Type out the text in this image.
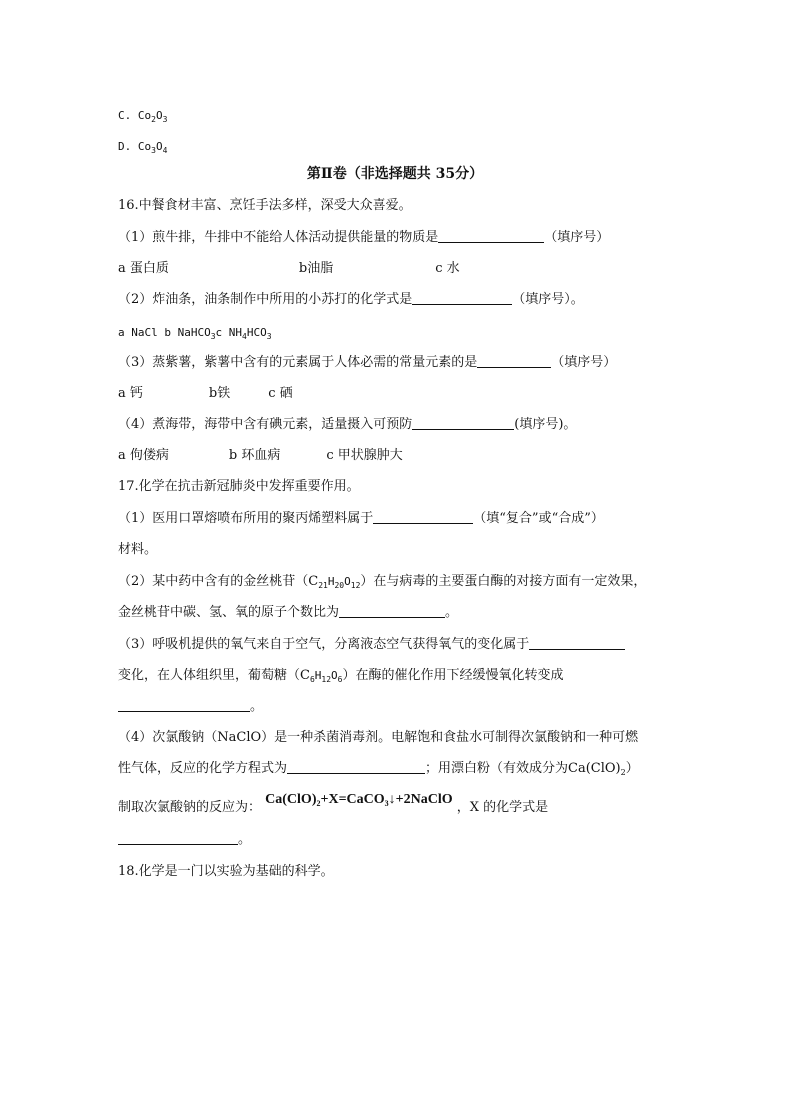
C. $Co_2O_3$
D. $Co_3O_4$
第Ⅱ卷（非选择题共 35分）
16.中餐食材丰富、烹饪手法多样，深受大众喜爱。
（1）煎牛排，牛排中不能给人体活动提供能量的物质是	（填序号）
a 蛋白质	b油脂	c 水
（2）炸油条，油条制作中所用的小苏打的化学式是	（填序号）。
a NaCl b NaHCO$_3$c $NH_4HCO_3$
（3）蒸紫薯，紫薯中含有的元素属于人体必需的常量元素的是	（填序号）
a 钙	b铁	c 硒
（4）煮海带，海带中含有碘元素，适量摄入可预防	(填序号)。
a 佝偻病	b 环血病	c 甲状腺肿大
17.化学在抗击新冠肺炎中发挥重要作用。
（1）医用口罩熔喷布所用的聚丙烯塑料属于	（填“复合”或“合成”）
材料。
（2）某中药中含有的金丝桃苷$(C_{21}H_{20}O_{12})$在与病毒的主要蛋白酶的对接方面有一定效果，
金丝桃苷中碳、氢、氧的原子个数比为	。
（3）呼吸机提供的氧气来自于空气，分离液态空气获得氧气的变化属于
变化，在人体组织里，葡萄糖$(C_6H_{12}O_6)$在酶的催化作用下经缓慢氧化转变成
。
（4）次氯酸钠（NaClO）是一种杀菌消毒剂。电解饱和食盐水可制得次氯酸钠和一种可燃
性气体，反应的化学方程式为	；用漂白粉（有效成分为$Ca(ClO)_2$）
制取次氯酸钠的反应为： $Ca(ClO)_2+X=CaCO_3↓+2NaClO$ ，X 的化学式是
。
18.化学是一门以实验为基础的科学。
